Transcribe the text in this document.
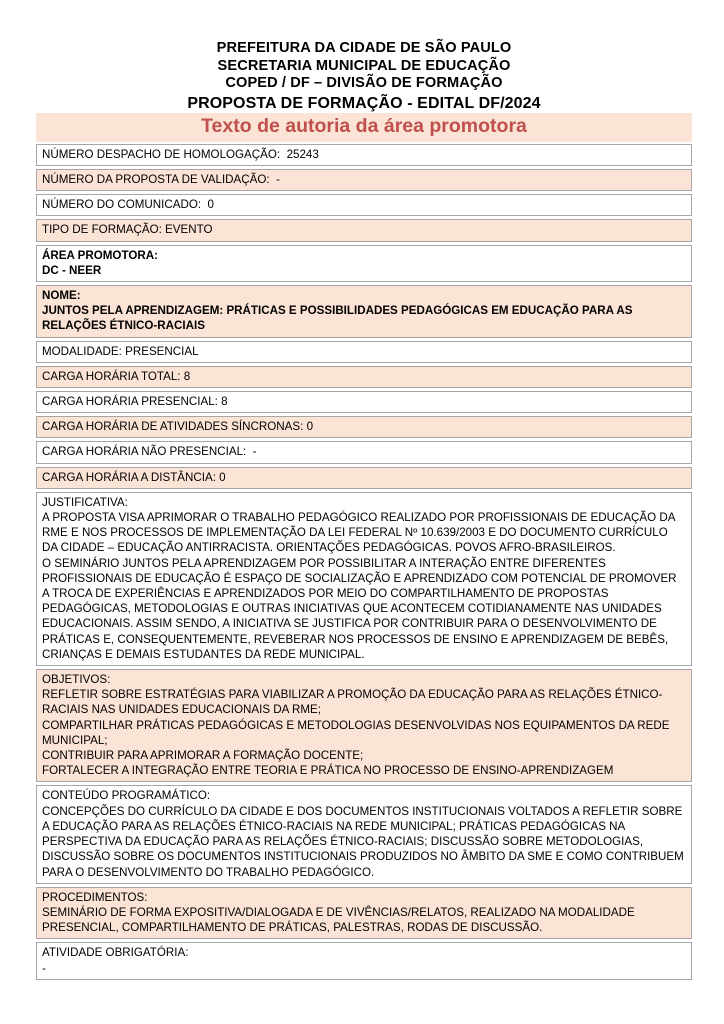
PREFEITURA DA CIDADE DE SÃO PAULO
SECRETARIA MUNICIPAL DE EDUCAÇÃO
COPED / DF – DIVISÃO DE FORMAÇÃO
PROPOSTA DE FORMAÇÃO - EDITAL DF/2024
Texto de autoria da área promotora

NÚMERO DESPACHO DE HOMOLOGAÇÃO:  25243

NÚMERO DA PROPOSTA DE VALIDAÇÃO:  -

NÚMERO DO COMUNICADO:  0

TIPO DE FORMAÇÃO: EVENTO

ÁREA PROMOTORA:

DC - NEER

NOME:

JUNTOS PELA APRENDIZAGEM: PRÁTICAS E POSSIBILIDADES PEDAGÓGICAS EM EDUCAÇÃO PARA AS RELAÇÕES ÉTNICO-RACIAIS

MODALIDADE: PRESENCIAL

CARGA HORÁRIA TOTAL: 8

CARGA HORÁRIA PRESENCIAL: 8

CARGA HORÁRIA DE ATIVIDADES SÍNCRONAS: 0

CARGA HORÁRIA NÃO PRESENCIAL:  -

CARGA HORÁRIA A DISTÂNCIA: 0

JUSTIFICATIVA:

A PROPOSTA VISA APRIMORAR O TRABALHO PEDAGÓGICO REALIZADO POR PROFISSIONAIS DE EDUCAÇÃO DA RME E NOS PROCESSOS DE IMPLEMENTAÇÃO DA LEI FEDERAL Nº 10.639/2003 E DO DOCUMENTO CURRÍCULO DA CIDADE – EDUCAÇÃO ANTIRRACISTA. ORIENTAÇÕES PEDAGÓGICAS. POVOS AFRO-BRASILEIROS.

O SEMINÁRIO JUNTOS PELA APRENDIZAGEM POR POSSIBILITAR A INTERAÇÃO ENTRE DIFERENTES PROFISSIONAIS DE EDUCAÇÃO É ESPAÇO DE SOCIALIZAÇÃO E APRENDIZADO COM POTENCIAL DE PROMOVER A TROCA DE EXPERIÊNCIAS E APRENDIZADOS POR MEIO DO COMPARTILHAMENTO DE PROPOSTAS PEDAGÓGICAS, METODOLOGIAS E OUTRAS INICIATIVAS QUE ACONTECEM COTIDIANAMENTE NAS UNIDADES EDUCACIONAIS. ASSIM SENDO, A INICIATIVA SE JUSTIFICA POR CONTRIBUIR PARA O DESENVOLVIMENTO DE PRÁTICAS E, CONSEQUENTEMENTE, REVEBERAR NOS PROCESSOS DE ENSINO E APRENDIZAGEM DE BEBÊS, CRIANÇAS E DEMAIS ESTUDANTES DA REDE MUNICIPAL.

OBJETIVOS:

REFLETIR SOBRE ESTRATÉGIAS PARA VIABILIZAR A PROMOÇÃO DA EDUCAÇÃO PARA AS RELAÇÕES ÉTNICO-RACIAIS NAS UNIDADES EDUCACIONAIS DA RME;

COMPARTILHAR PRÁTICAS PEDAGÓGICAS E METODOLOGIAS DESENVOLVIDAS NOS EQUIPAMENTOS DA REDE MUNICIPAL;

CONTRIBUIR PARA APRIMORAR A FORMAÇÃO DOCENTE;

FORTALECER A INTEGRAÇÃO ENTRE TEORIA E PRÁTICA NO PROCESSO DE ENSINO-APRENDIZAGEM

CONTEÚDO PROGRAMÁTICO:

CONCEPÇÕES DO CURRÍCULO DA CIDADE E DOS DOCUMENTOS INSTITUCIONAIS VOLTADOS A REFLETIR SOBRE A EDUCAÇÃO PARA AS RELAÇÕES ÉTNICO-RACIAIS NA REDE MUNICIPAL; PRÁTICAS PEDAGÓGICAS NA PERSPECTIVA DA EDUCAÇÃO PARA AS RELAÇÕES ÉTNICO-RACIAIS; DISCUSSÃO SOBRE METODOLOGIAS, DISCUSSÃO SOBRE OS DOCUMENTOS INSTITUCIONAIS PRODUZIDOS NO ÂMBITO DA SME E COMO CONTRIBUEM PARA O DESENVOLVIMENTO DO TRABALHO PEDAGÓGICO.

PROCEDIMENTOS:

SEMINÁRIO DE FORMA EXPOSITIVA/DIALOGADA E DE VIVÊNCIAS/RELATOS, REALIZADO NA MODALIDADE PRESENCIAL, COMPARTILHAMENTO DE PRÁTICAS, PALESTRAS, RODAS DE DISCUSSÃO.

ATIVIDADE OBRIGATÓRIA:

-
